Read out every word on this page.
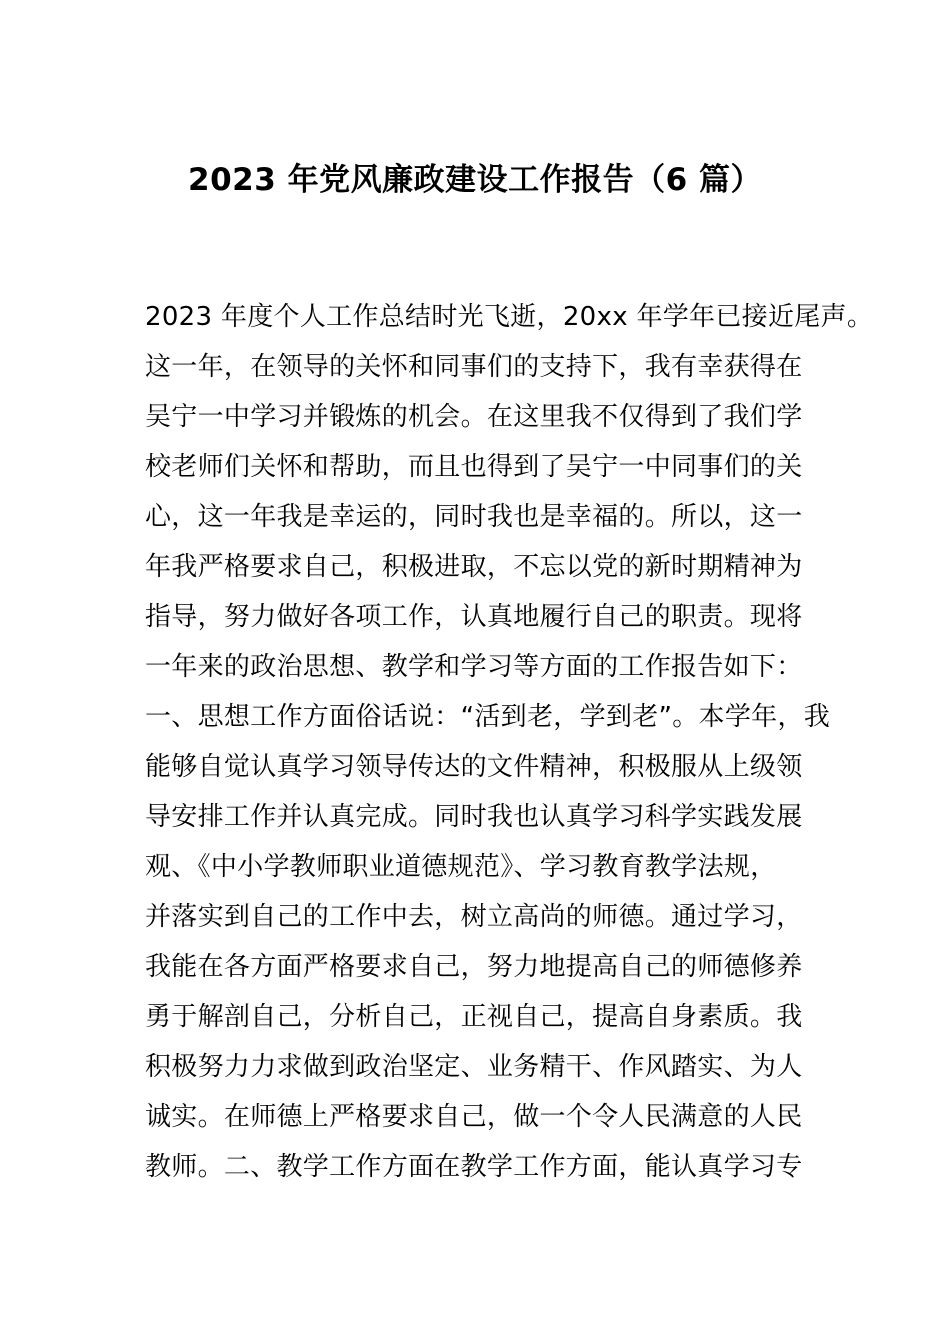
2023 年党风廉政建设工作报告（6 篇）
2023 年度个人工作总结时光飞逝，20xx 年学年已接近尾声。
这一年，在领导的关怀和同事们的支持下，我有幸获得在
吴宁一中学习并锻炼的机会。在这里我不仅得到了我们学
校老师们关怀和帮助，而且也得到了吴宁一中同事们的关
心，这一年我是幸运的，同时我也是幸福的。所以，这一
年我严格要求自己，积极进取，不忘以党的新时期精神为
指导，努力做好各项工作，认真地履行自己的职责。现将
一年来的政治思想、教学和学习等方面的工作报告如下：
一、思想工作方面俗话说：“活到老，学到老”。本学年，我
能够自觉认真学习领导传达的文件精神，积极服从上级领
导安排工作并认真完成。同时我也认真学习科学实践发展
观、《中小学教师职业道德规范》、学习教育教学法规，
并落实到自己的工作中去，树立高尚的师德。通过学习，
我能在各方面严格要求自己，努力地提高自己的师德修养
勇于解剖自己，分析自己，正视自己，提高自身素质。我
积极努力力求做到政治坚定、业务精干、作风踏实、为人
诚实。在师德上严格要求自己，做一个令人民满意的人民
教师。二、教学工作方面在教学工作方面，能认真学习专
